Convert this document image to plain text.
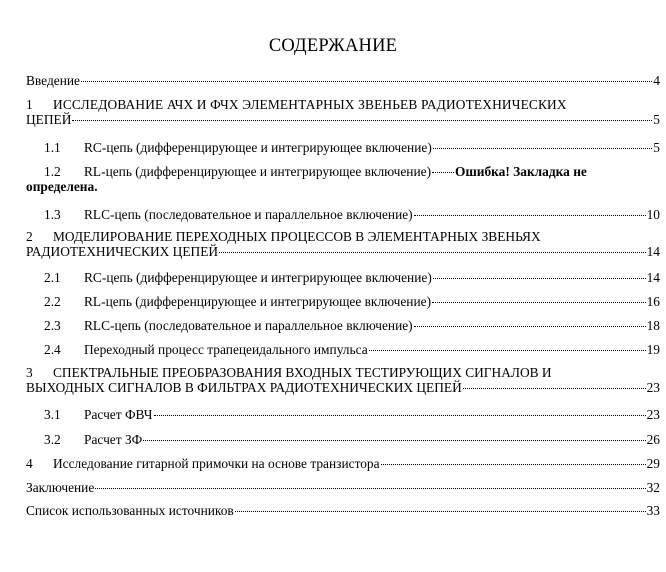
СОДЕРЖАНИЕ
Введение	4
1	ИССЛЕДОВАНИЕ АЧХ И ФЧХ ЭЛЕМЕНТАРНЫХ ЗВЕНЬЕВ РАДИОТЕХНИЧЕСКИХ
ЦЕПЕЙ	5
1.1	RC-цепь (дифференцирующее и интегрирующее включение)	5
1.2	RL-цепь (дифференцирующее и интегрирующее включение) Ошибка! Закладка не
определена.
1.3	RLC-цепь (последовательное и параллельное включение)	10
2	МОДЕЛИРОВАНИЕ ПЕРЕХОДНЫХ ПРОЦЕССОВ В ЭЛЕМЕНТАРНЫХ ЗВЕНЬЯХ
РАДИОТЕХНИЧЕСКИХ ЦЕПЕЙ	14
2.1	RC-цепь (дифференцирующее и интегрирующее включение)	14
2.2	RL-цепь (дифференцирующее и интегрирующее включение)	16
2.3	RLC-цепь (последовательное и параллельное включение)	18
2.4	Переходный процесс трапецеидального импульса	19
3	СПЕКТРАЛЬНЫЕ ПРЕОБРАЗОВАНИЯ ВХОДНЫХ ТЕСТИРУЮЩИХ СИГНАЛОВ И
ВЫХОДНЫХ СИГНАЛОВ В ФИЛЬТРАХ РАДИОТЕХНИЧЕСКИХ ЦЕПЕЙ	23
3.1	Расчет ФВЧ	23
3.2	Расчет ЗФ	26
4	Исследование гитарной примочки на основе транзистора	29
Заключение	32
Список использованных источников	33
